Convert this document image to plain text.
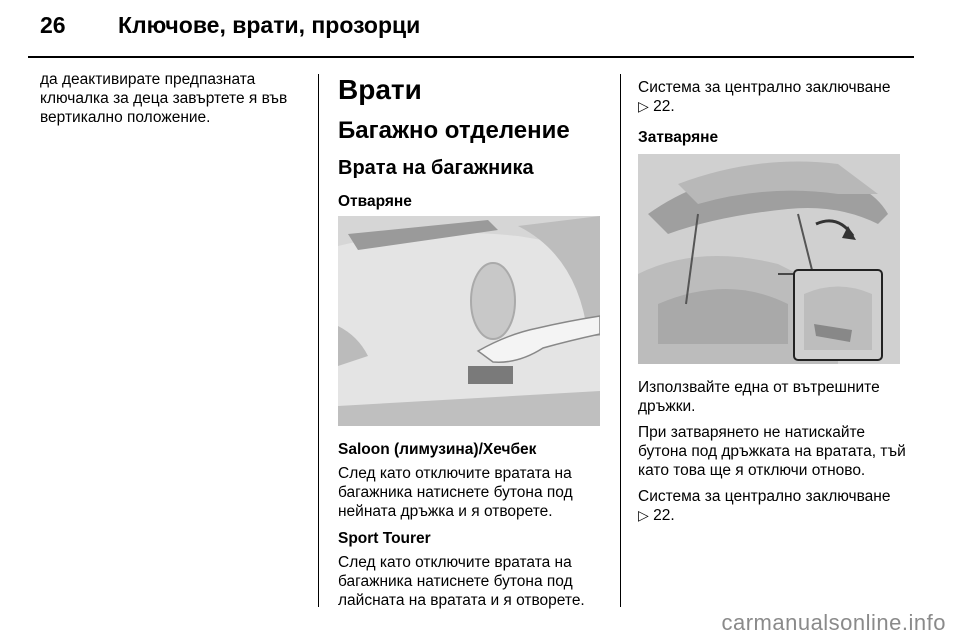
26 Ключове, врати, прозорци

да деактивирате предпазната ключалка за деца завъртете я във вертикално положение.

Врати

Багажно отделение

Врата на багажника

Отваряне

Saloon (лимузина)/Хечбек

След като отключите вратата на багажника натиснете бутона под нейната дръжка и я отворете.

Sport Tourer

След като отключите вратата на багажника натиснете бутона под лайсната на вратата и я отворете.

Система за централно заключване
▷ 22.

Затваряне

Използвайте една от вътрешните дръжки.

При затварянето не натискайте бутона под дръжката на вратата, тъй като това ще я отключи отново.

Система за централно заключване
▷ 22.

carmanualsonline.info
